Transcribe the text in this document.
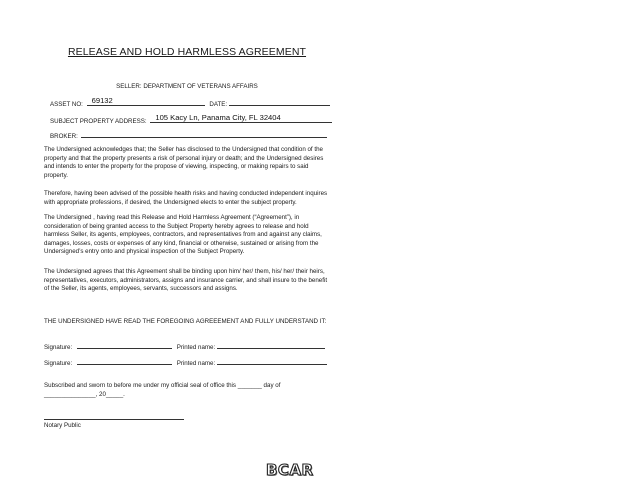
RELEASE AND HOLD HARMLESS AGREEMENT
SELLER: DEPARTMENT OF VETERANS AFFAIRS
ASSET NO: 69132	DATE:
SUBJECT PROPERTY ADDRESS: 105 Kacy Ln, Panama City, FL 32404
BROKER:
The Undersigned acknowledges that; the Seller has disclosed to the Undersigned that condition of the property and that the property presents a risk of personal injury or death; and the Undersigned desires and intends to enter the property for the propose of viewing, inspecting, or making repairs to said property.
Therefore, having been advised of the possible health risks and having conducted independent inquires with appropriate professions, if desired, the Undersigned elects to enter the subject property.
The Undersigned , having read this Release and Hold Harmless Agreement (“Agreement”), in consideration of being granted access to the Subject Property hereby agrees to release and hold harmless Seller, its agents, employees, contractors, and representatives from and against any claims, damages, losses, costs or expenses of any kind, financial or otherwise, sustained or arising from the Undersigned’s entry onto and physical inspection of the Subject Property.
The Undersigned agrees that this Agreement shall be binding upon him/ her/ them, his/ her/ their heirs, representatives, executors, administrators, assigns and insurance carrier, and shall insure to the benefit of the Seller, its agents, employees, servants, successors and assigns.
THE UNDERSIGNED HAVE READ THE FOREGOING AGREEEMENT AND FULLY UNDERSTAND IT:
Signature:	Printed name:
Signature:	Printed name:
Subscribed and sworn to before me under my official seal of office this _______ day of
_______________, 20_____.
Notary Public
BCAR
